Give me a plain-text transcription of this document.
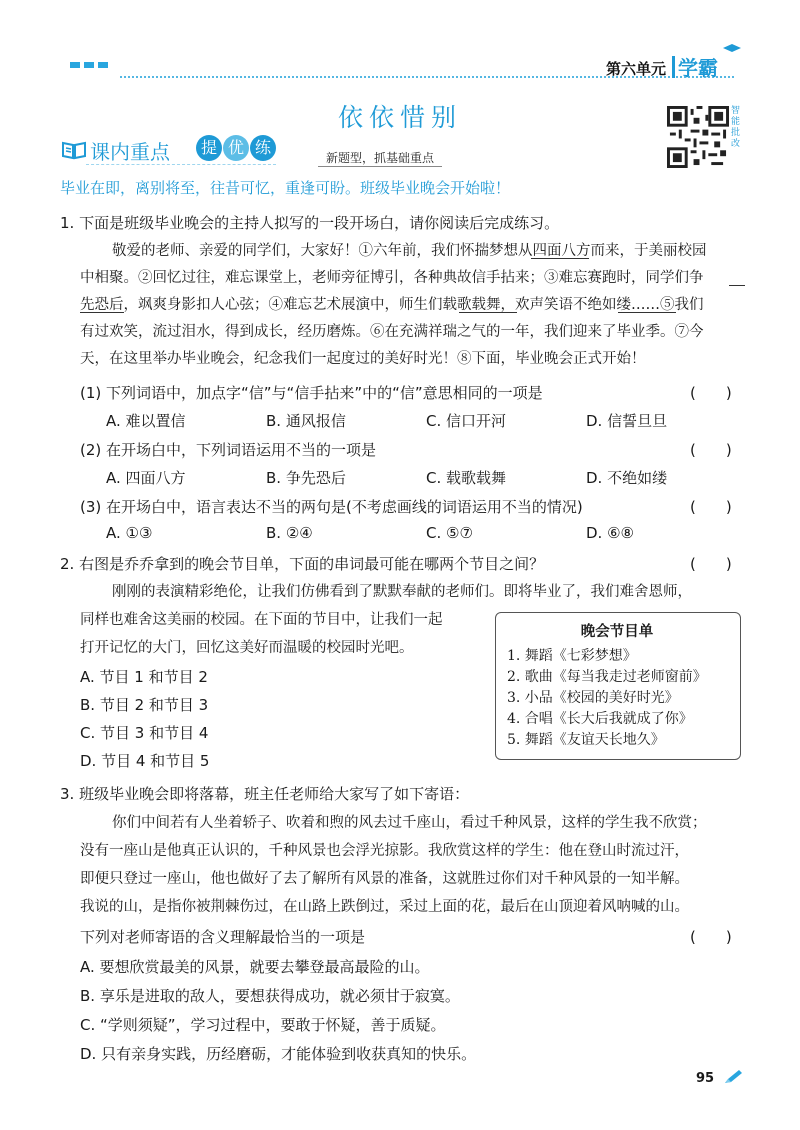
第六单元 学霸
依依惜别	智能批改
课内重点	提 优 练
新题型，抓基础重点
毕业在即，离别将至，往昔可忆，重逢可盼。班级毕业晚会开始啦！
1. 下面是班级毕业晚会的主持人拟写的一段开场白，请你阅读后完成练习。
敬爱的老师、亲爱的同学们，大家好！①六年前，我们怀揣梦想从四面八方而来，于美丽校园
中相聚。②回忆过往，难忘课堂上，老师旁征博引，各种典故信手拈来；③难忘赛跑时，同学们争
先恐后，飒爽身影扣人心弦；④难忘艺术展演中，师生们载歌载舞，欢声笑语不绝如缕……⑤我们
有过欢笑，流过泪水，得到成长，经历磨炼。⑥在充满祥瑞之气的一年，我们迎来了毕业季。⑦今
天，在这里举办毕业晚会，纪念我们一起度过的美好时光！⑧下面，毕业晚会正式开始！
(1) 下列词语中，加点字“信”与“信手拈来”中的“信”意思相同的一项是	(　　)
A. 难以置信	B. 通风报信	C. 信口开河	D. 信誓旦旦
(2) 在开场白中，下列词语运用不当的一项是	(　　)
A. 四面八方	B. 争先恐后	C. 载歌载舞	D. 不绝如缕
(3) 在开场白中，语言表达不当的两句是(不考虑画线的词语运用不当的情况)	(　　)
A. ①③	B. ②④	C. ⑤⑦	D. ⑥⑧
2. 右图是乔乔拿到的晚会节目单，下面的串词最可能在哪两个节目之间？	(　　)
刚刚的表演精彩绝伦，让我们仿佛看到了默默奉献的老师们。即将毕业了，我们难舍恩师，
同样也难舍这美丽的校园。在下面的节目中，让我们一起
打开记忆的大门，回忆这美好而温暖的校园时光吧。
A. 节目 1 和节目 2
B. 节目 2 和节目 3
C. 节目 3 和节目 4
D. 节目 4 和节目 5
晚会节目单
1. 舞蹈《七彩梦想》
2. 歌曲《每当我走过老师窗前》
3. 小品《校园的美好时光》
4. 合唱《长大后我就成了你》
5. 舞蹈《友谊天长地久》
3. 班级毕业晚会即将落幕，班主任老师给大家写了如下寄语：
你们中间若有人坐着轿子、吹着和煦的风去过千座山，看过千种风景，这样的学生我不欣赏；
没有一座山是他真正认识的，千种风景也会浮光掠影。我欣赏这样的学生：他在登山时流过汗，
即便只登过一座山，他也做好了去了解所有风景的准备，这就胜过你们对千种风景的一知半解。
我说的山，是指你被荆棘伤过，在山路上跌倒过，采过上面的花，最后在山顶迎着风呐喊的山。
下列对老师寄语的含义理解最恰当的一项是	(　　)
A. 要想欣赏最美的风景，就要去攀登最高最险的山。
B. 享乐是进取的敌人，要想获得成功，就必须甘于寂寞。
C. “学则须疑”，学习过程中，要敢于怀疑，善于质疑。
D. 只有亲身实践，历经磨砺，才能体验到收获真知的快乐。
95
